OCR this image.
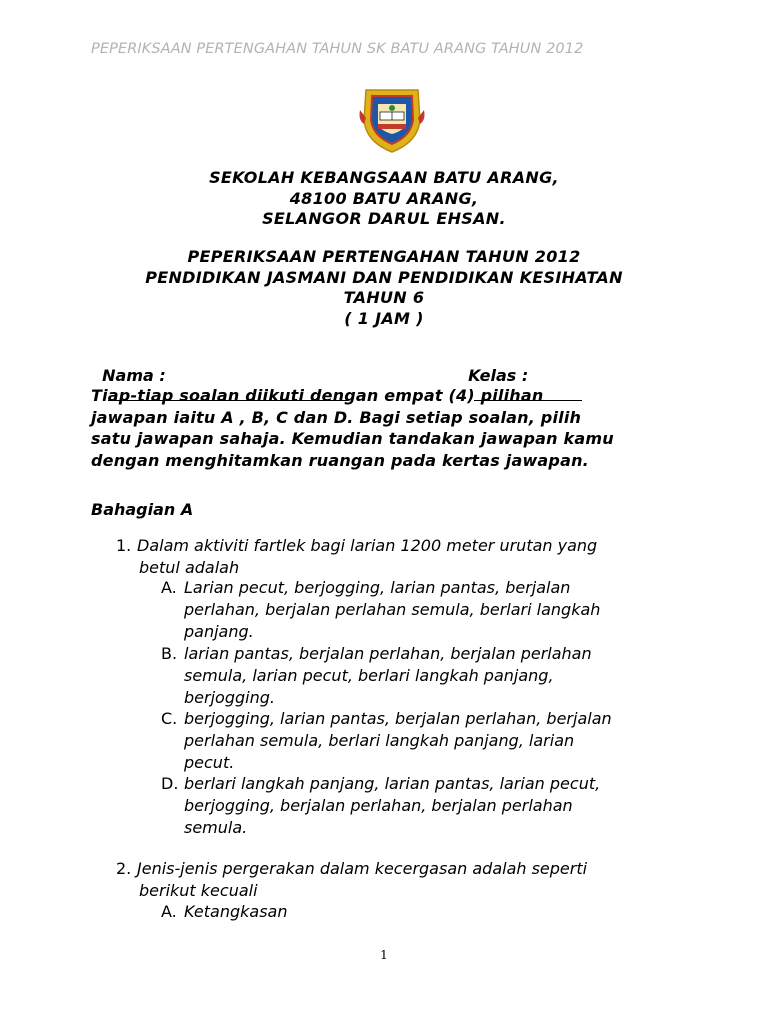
PEPERIKSAAN PERTENGAHAN TAHUN SK BATU ARANG TAHUN 2012
SEKOLAH KEBANGSAAN BATU ARANG,
48100 BATU ARANG,
SELANGOR DARUL EHSAN.
PEPERIKSAAN PERTENGAHAN TAHUN 2012
PENDIDIKAN JASMANI DAN PENDIDIKAN KESIHATAN
TAHUN 6
( 1 JAM )

Nama :
	Kelas :

Tiap-tiap soalan diikuti dengan empat (4) pilihan
jawapan iaitu A , B, C dan D. Bagi setiap soalan, pilih
satu jawapan sahaja. Kemudian tandakan jawapan kamu
dengan menghitamkan ruangan pada kertas jawapan.
Bahagian A
1. Dalam aktiviti fartlek bagi larian 1200 meter urutan yang
betul adalah
A. Larian pecut, berjogging, larian pantas, berjalan
perlahan, berjalan perlahan semula, berlari langkah
panjang.
B. larian pantas, berjalan perlahan, berjalan perlahan
semula, larian pecut, berlari langkah panjang,
berjogging.
C. berjogging, larian pantas, berjalan perlahan, berjalan
perlahan semula, berlari langkah panjang, larian
pecut.
D. berlari langkah panjang, larian pantas, larian pecut,
berjogging, berjalan perlahan, berjalan perlahan
semula.
2. Jenis-jenis pergerakan dalam kecergasan adalah seperti
berikut kecuali
A. Ketangkasan
1
